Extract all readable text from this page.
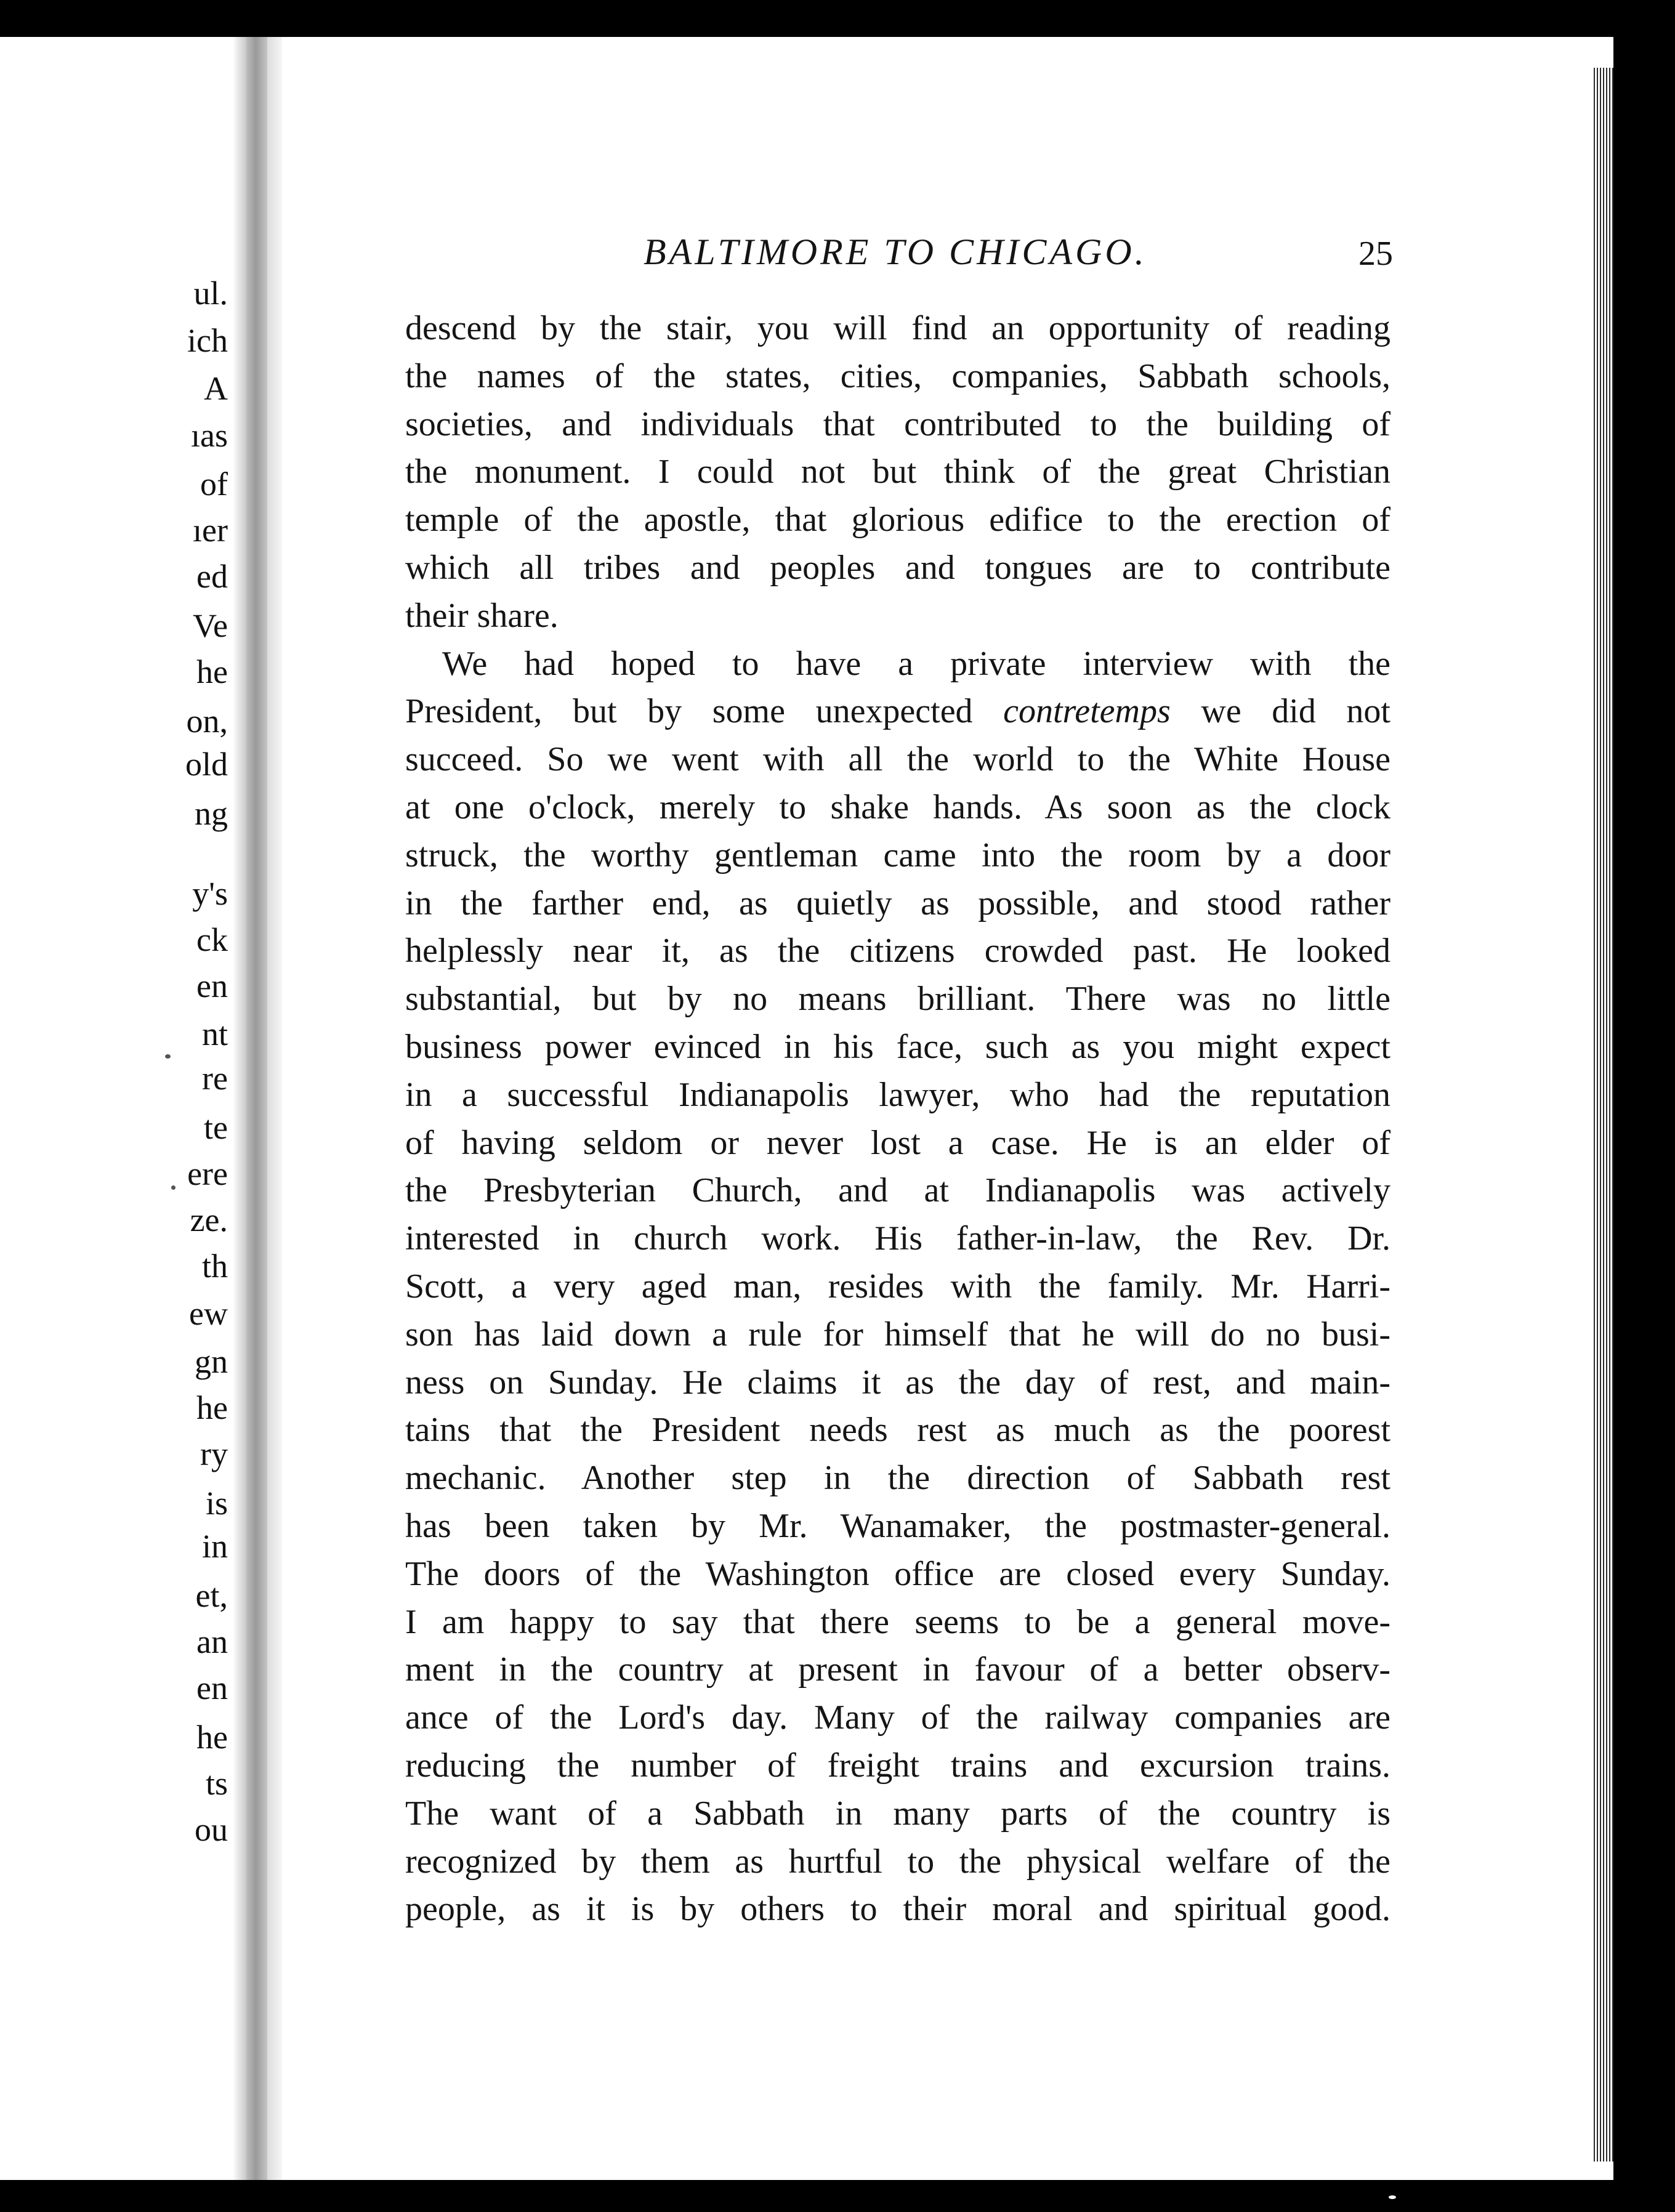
ul.
ich
A
ıas
of
ıer
ed
Ve
he
on,
old
ng
y's
ck
en
nt
re
te
ere
ze.
th
ew
gn
he
ry
is
in
et,
an
en
he
ts
ou
BALTIMORE TO CHICAGO.	25
descend by the stair, you will find an opportunity of reading
the names of the states, cities, companies, Sabbath schools,
societies, and individuals that contributed to the building of
the monument. I could not but think of the great Christian
temple of the apostle, that glorious edifice to the erection of
which all tribes and peoples and tongues are to contribute
their share.
We had hoped to have a private interview with the
President, but by some unexpected contretemps we did not
succeed. So we went with all the world to the White House
at one o'clock, merely to shake hands. As soon as the clock
struck, the worthy gentleman came into the room by a door
in the farther end, as quietly as possible, and stood rather
helplessly near it, as the citizens crowded past. He looked
substantial, but by no means brilliant. There was no little
business power evinced in his face, such as you might expect
in a successful Indianapolis lawyer, who had the reputation
of having seldom or never lost a case. He is an elder of
the Presbyterian Church, and at Indianapolis was actively
interested in church work. His father-in-law, the Rev. Dr.
Scott, a very aged man, resides with the family. Mr. Harri-
son has laid down a rule for himself that he will do no busi-
ness on Sunday. He claims it as the day of rest, and main-
tains that the President needs rest as much as the poorest
mechanic. Another step in the direction of Sabbath rest
has been taken by Mr. Wanamaker, the postmaster-general.
The doors of the Washington office are closed every Sunday.
I am happy to say that there seems to be a general move-
ment in the country at present in favour of a better observ-
ance of the Lord's day. Many of the railway companies are
reducing the number of freight trains and excursion trains.
The want of a Sabbath in many parts of the country is
recognized by them as hurtful to the physical welfare of the
people, as it is by others to their moral and spiritual good.
